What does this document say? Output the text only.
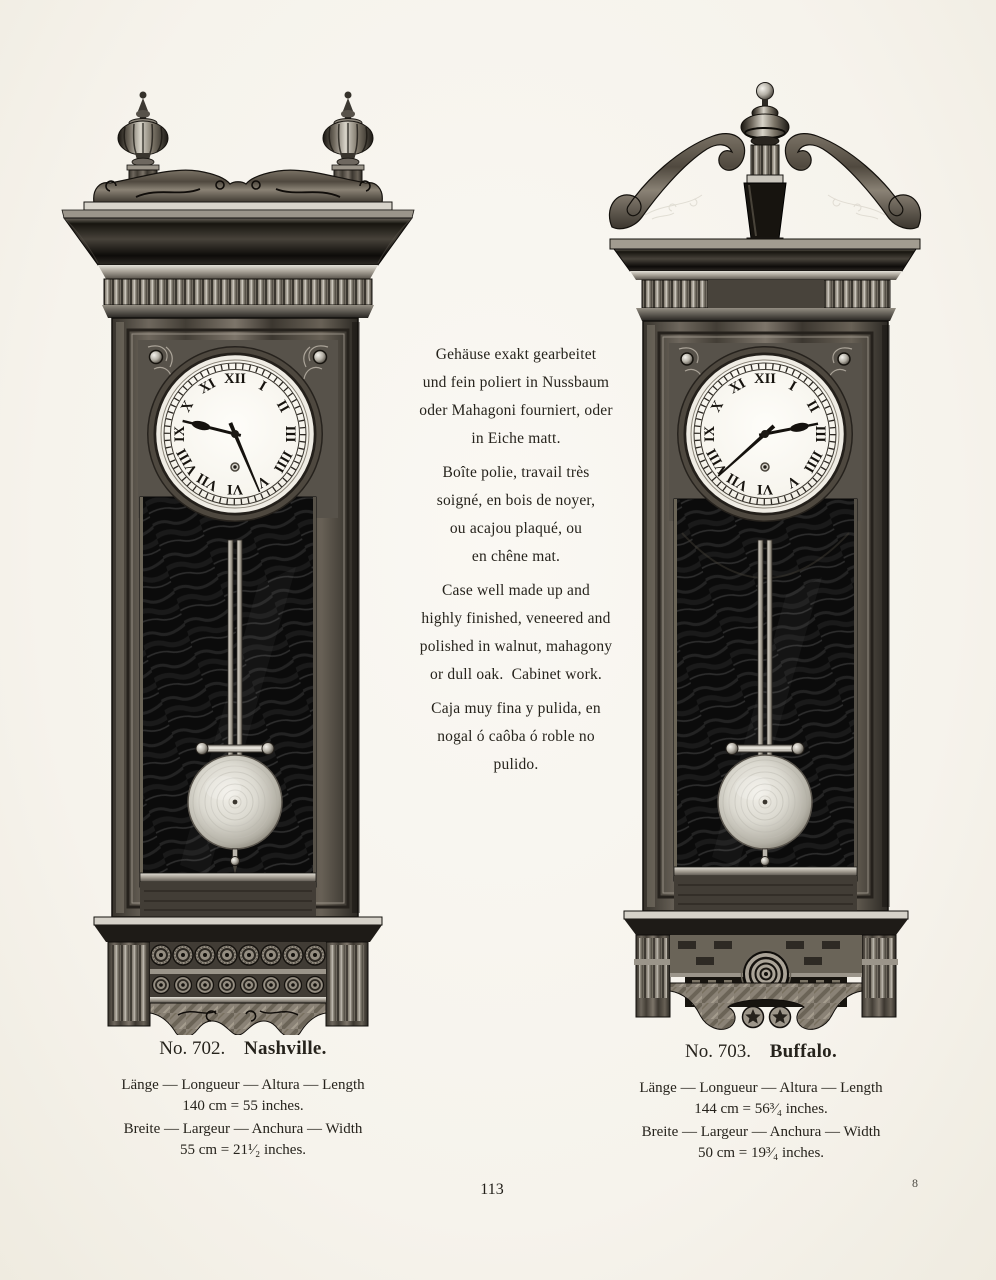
Gehäuse exakt gearbeitet
und fein poliert in Nussbaum
oder Mahagoni fourniert, oder
in Eiche matt.

Boîte polie, travail très
soigné, en bois de noyer,
ou acajou plaqué, ou
en chêne mat.

Case well made up and
highly finished, veneered and
polished in walnut, mahagony
or dull oak.  Cabinet work.

Caja muy fina y pulida, en
nogal ó caôba ó roble no
pulido.

No. 702. Nashville.

Länge — Longueur — Altura — Length
140 cm = 55 inches.

Breite — Largeur — Anchura — Width
55 cm = 21¹⁄₂ inches.

No. 703. Buffalo.

Länge — Longueur — Altura — Length
144 cm = 56³⁄₄ inches.

Breite — Largeur — Anchura — Width
50 cm = 19³⁄₄ inches.

113	8
